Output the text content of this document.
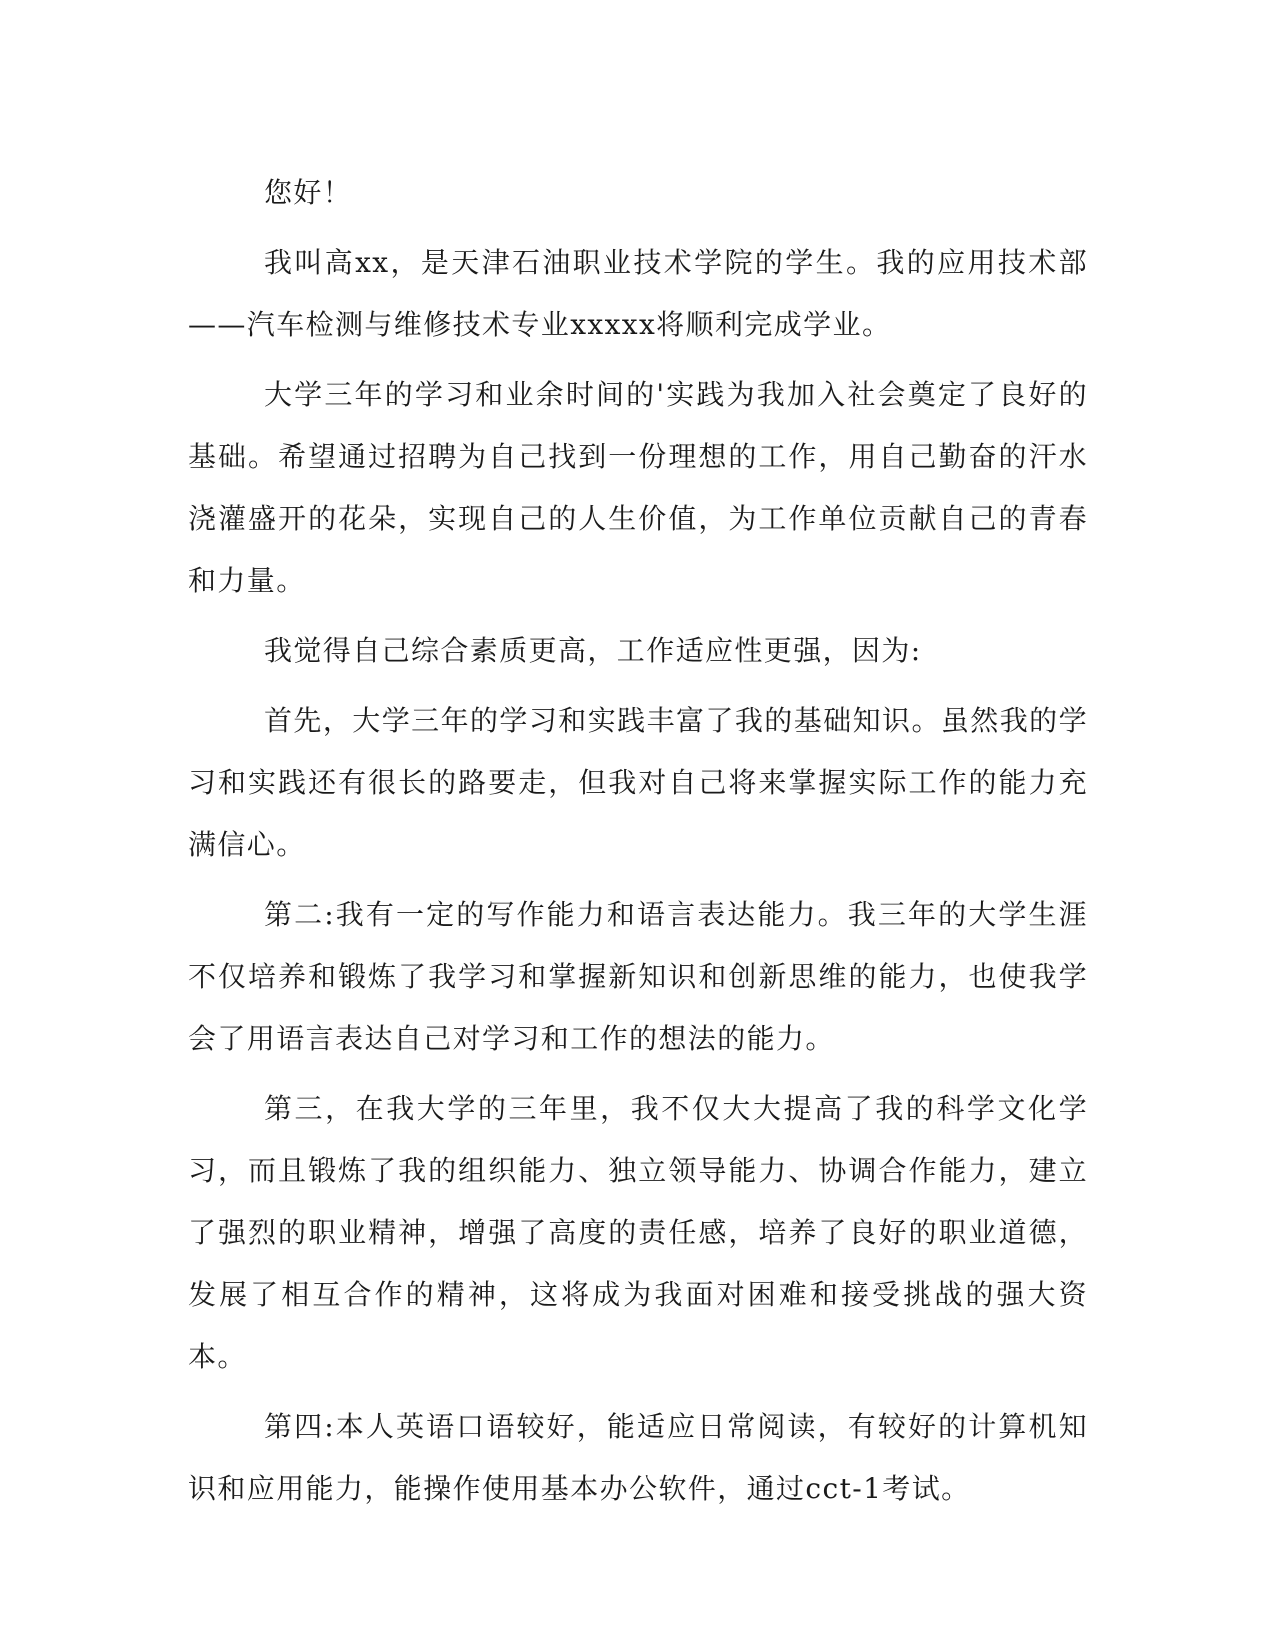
您好！

我叫高xx，是天津石油职业技术学院的学生。我的应用技术部——汽车检测与维修技术专业xxxxx将顺利完成学业。

大学三年的学习和业余时间的'实践为我加入社会奠定了良好的基础。希望通过招聘为自己找到一份理想的工作，用自己勤奋的汗水浇灌盛开的花朵，实现自己的人生价值，为工作单位贡献自己的青春和力量。

我觉得自己综合素质更高，工作适应性更强，因为:

首先，大学三年的学习和实践丰富了我的基础知识。虽然我的学习和实践还有很长的路要走，但我对自己将来掌握实际工作的能力充满信心。

第二:我有一定的写作能力和语言表达能力。我三年的大学生涯不仅培养和锻炼了我学习和掌握新知识和创新思维的能力，也使我学会了用语言表达自己对学习和工作的想法的能力。

第三，在我大学的三年里，我不仅大大提高了我的科学文化学习，而且锻炼了我的组织能力、独立领导能力、协调合作能力，建立了强烈的职业精神，增强了高度的责任感，培养了良好的职业道德，发展了相互合作的精神，这将成为我面对困难和接受挑战的强大资本。

第四:本人英语口语较好，能适应日常阅读，有较好的计算机知识和应用能力，能操作使用基本办公软件，通过cct-1考试。
